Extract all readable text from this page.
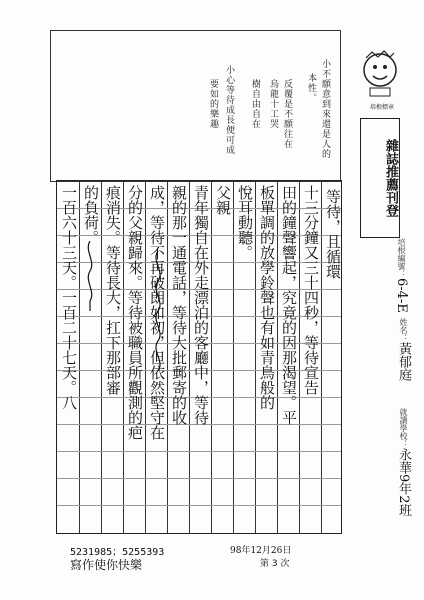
小不願意到來還是人的
本性。
反覆是不願往在
烏龍十工哭
樹自由自在
小心等待成長便可成
要如的樂趣	培根標章
雜誌推薦刊登
培根編號：6-4-E
姓名：黃郁庭
就讀學校：永華9年2班
等待，且循環
十三分鐘又三十四秒，等待宣告
田的鐘聲響起，究竟的因那渴望。平
板單調的放學鈴聲也有如青鳥般的
悅耳動聽。
父親
青年獨自在外走漂泊的客廳中，等待
親的那一通電話，等待大批郵寄的收
成，等待不再破朗如初，但依然堅守在
分的父親歸來。等待被職員所觀測的疤
痕消失。等待長大，扛下那部審
的負荷。
一百六十三天。一百二十七天。八
5231985；5255393
寫作使你快樂
98年12月26日
第 3 次
